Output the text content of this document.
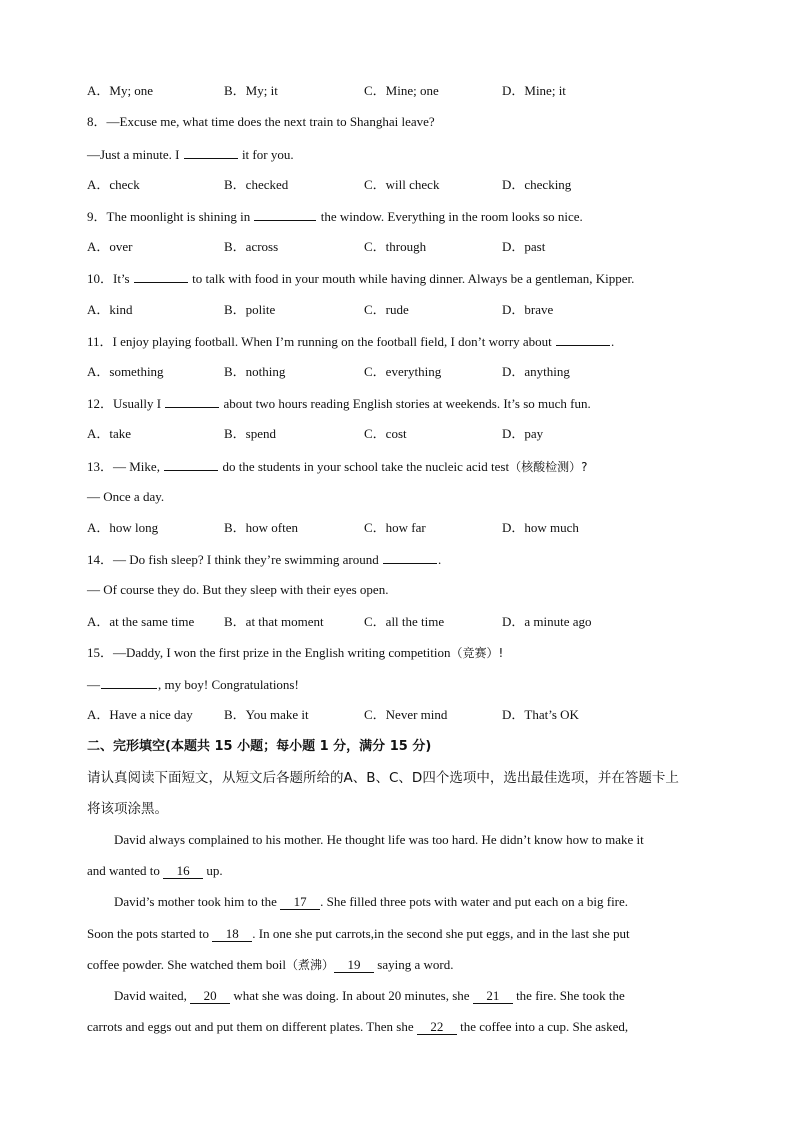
A．My; one	B．My; it	C．Mine; one	D．Mine; it
8．—Excuse me, what time does the next train to Shanghai leave?
—Just a minute. I	it for you.
A．check	B．checked	C．will check	D．checking
9．The moonlight is shining in	the window. Everything in the room looks so nice.
A．over	B．across	C．through	D．past
10．It’s	to talk with food in your mouth while having dinner. Always be a gentleman, Kipper.
A．kind	B．polite	C．rude	D．brave
11．I enjoy playing football. When I’m running on the football field, I don’t worry about	.
A．something	B．nothing	C．everything	D．anything
12．Usually I	about two hours reading English stories at weekends. It’s so much fun.
A．take	B．spend	C．cost	D．pay
13．— Mike,	do the students in your school take the nucleic acid test（核酸检测）?
— Once a day.
A．how long	B．how often	C．how far	D．how much
14．— Do fish sleep? I think they’re swimming around	.
— Of course they do. But they sleep with their eyes open.
A．at the same time B．at that moment	C．all the time	D．a minute ago
15．—Daddy, I won the first prize in the English writing competition（竞赛）!
—	, my boy! Congratulations!
A．Have a nice day B．You make it	C．Never mind	D．That’s OK
二、完形填空(本题共 15 小题；每小题 1 分，满分 15 分)
请认真阅读下面短文，从短文后各题所给的A、B、C、D四个选项中，选出最佳选项，并在答题卡上
将该项涂黑。
David always complained to his mother. He thought life was too hard. He didn’t know how to make it
and wanted to 16 up.
David’s mother took him to the 17 . She filled three pots with water and put each on a big fire.
Soon the pots started to 18 . In one she put carrots,in the second she put eggs, and in the last she put
coffee powder. She watched them boil（煮沸） 19 saying a word.
David waited, 20 what she was doing. In about 20 minutes, she 21 the fire. She took the
carrots and eggs out and put them on different plates. Then she 22 the coffee into a cup. She asked,
